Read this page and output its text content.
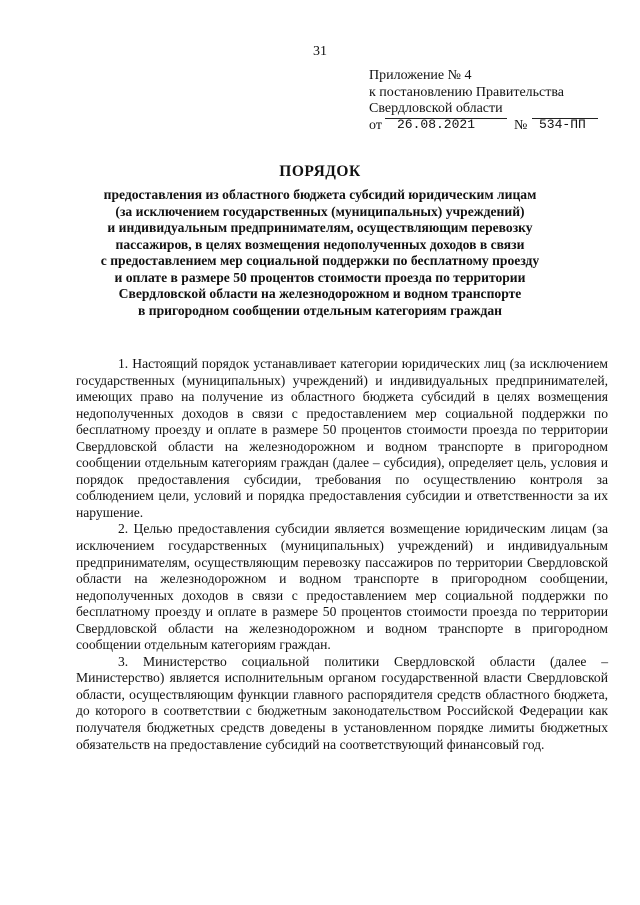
31
Приложение № 4
к постановлению Правительства
Свердловской области
от 26.08.2021	№ 534-ПП
ПОРЯДОК
предоставления из областного бюджета субсидий юридическим лицам
(за исключением государственных (муниципальных) учреждений)
и индивидуальным предпринимателям, осуществляющим перевозку
пассажиров, в целях возмещения недополученных доходов в связи
с предоставлением мер социальной поддержки по бесплатному проезду
и оплате в размере 50 процентов стоимости проезда по территории
Свердловской области на железнодорожном и водном транспорте
в пригородном сообщении отдельным категориям граждан

1. Настоящий порядок устанавливает категории юридических лиц (за исключением государственных (муниципальных) учреждений) и индивидуальных предпринимателей, имеющих право на получение из областного бюджета субсидий в целях возмещения недополученных доходов в связи с предоставлением мер социальной поддержки по бесплатному проезду и оплате в размере 50 процентов стоимости проезда по территории Свердловской области на железнодорожном и водном транспорте в пригородном сообщении отдельным категориям граждан (далее – субсидия), определяет цель, условия и порядок предоставления субсидии, требования по осуществлению контроля за соблюдением цели, условий и порядка предоставления субсидии и ответственности за их нарушение.

2. Целью предоставления субсидии является возмещение юридическим лицам (за исключением государственных (муниципальных) учреждений) и индивидуальным предпринимателям, осуществляющим перевозку пассажиров по территории Свердловской области на железнодорожном и водном транспорте в пригородном сообщении, недополученных доходов в связи с предоставлением мер социальной поддержки по бесплатному проезду и оплате в размере 50 процентов стоимости проезда по территории Свердловской области на железнодорожном и водном транспорте в пригородном сообщении отдельным категориям граждан.

3. Министерство социальной политики Свердловской области (далее – Министерство) является исполнительным органом государственной власти Свердловской области, осуществляющим функции главного распорядителя средств областного бюджета, до которого в соответствии с бюджетным законодательством Российской Федерации как получателя бюджетных средств доведены в установленном порядке лимиты бюджетных обязательств на предоставление субсидий на соответствующий финансовый год.
